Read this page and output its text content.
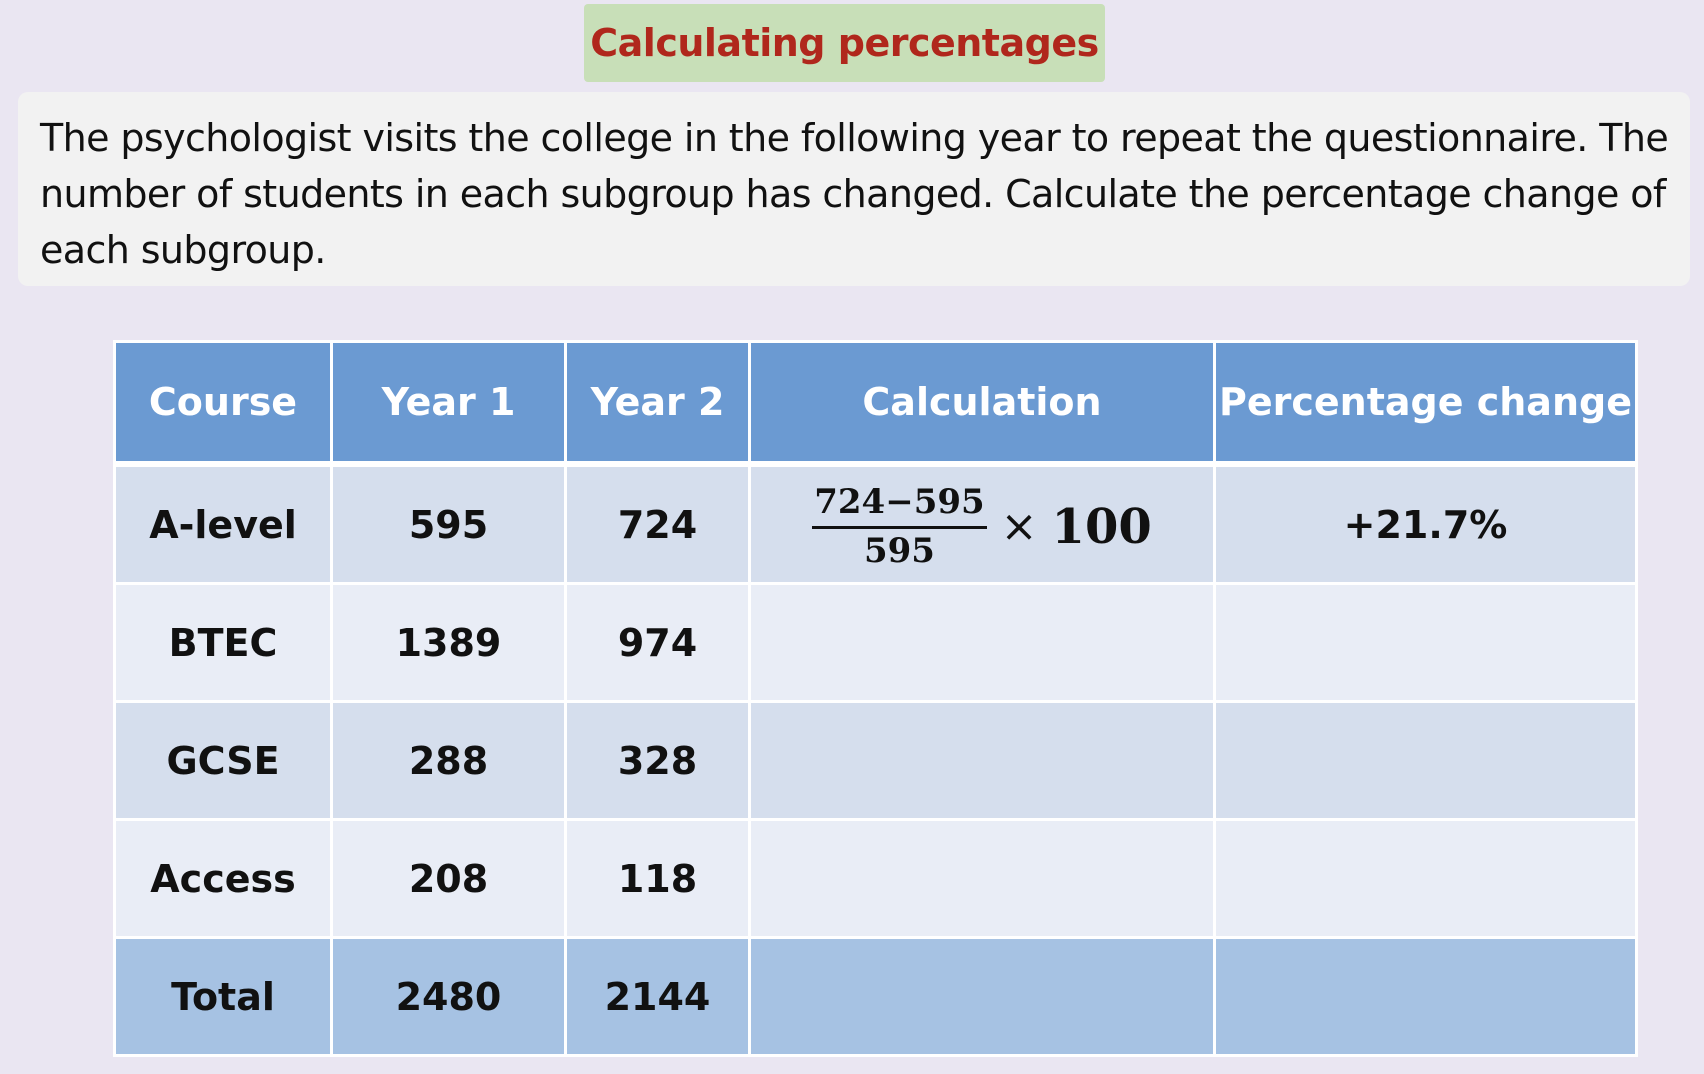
Calculating percentages

The psychologist visits the college in the following year to repeat the questionnaire. The number of students in each subgroup has changed. Calculate the percentage change of each subgroup.

Course	Year 1	Year 2	Calculation	Percentage change
A-level	595	724	$\frac{724-595}{595} \times 100$	+21.7%
BTEC	1389	974		
GCSE	288	328		
Access	208	118		
Total	2480	2144		
